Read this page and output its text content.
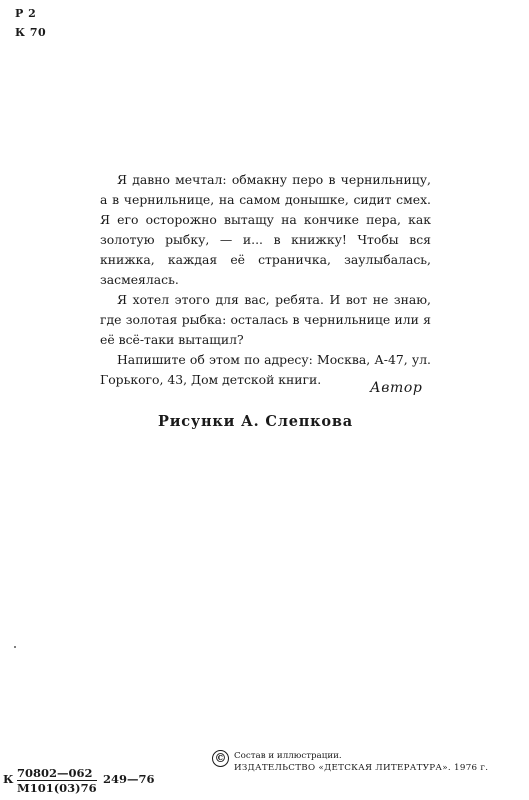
Р 2
К 70

Я давно мечтал: обмакну перо в чернильницу, а в чернильнице, на самом донышке, сидит смех. Я его осторожно вытащу на кончике пера, как золотую рыбку, — и... в книжку! Чтобы вся книжка, каждая её страничка, заулыбалась, засмеялась.

Я хотел этого для вас, ребята. И вот не знаю, где золотая рыбка: осталась в чернильнице или я её всё-таки вытащил?

Напишите об этом по адресу: Москва, А-47, ул. Горького, 43, Дом детской книги.

Автор
Рисунки А. Слепкова
© Состав и иллюстрации.
ИЗДАТЕЛЬСТВО «ДЕТСКАЯ ЛИТЕРАТУРА». 1976 г.
К 70802—062
М101(03)76
249—76
